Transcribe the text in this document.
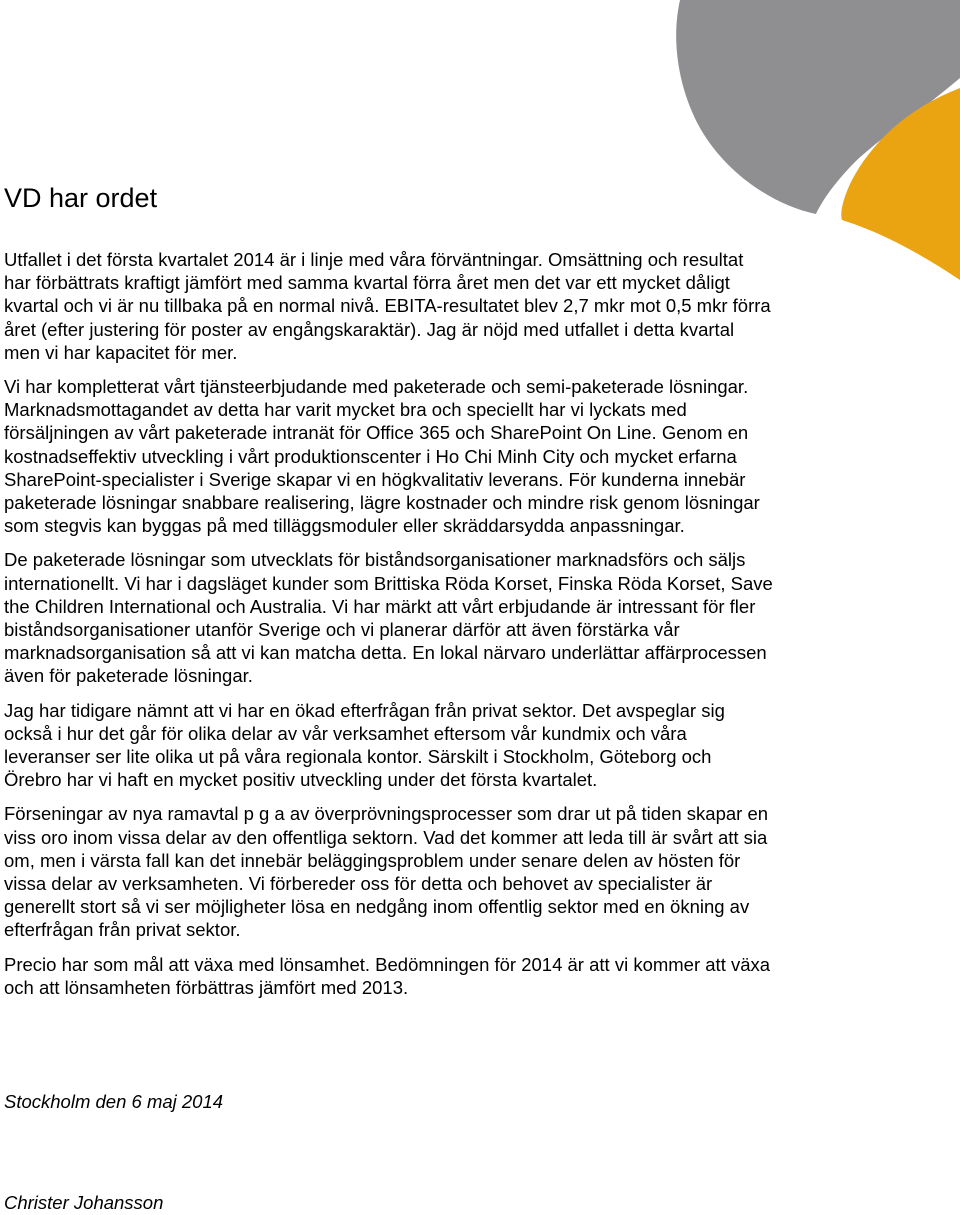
VD har ordet

Utfallet i det första kvartalet 2014 är i linje med våra förväntningar. Omsättning och resultat har förbättrats kraftigt jämfört med samma kvartal förra året men det var ett mycket dåligt kvartal och vi är nu tillbaka på en normal nivå. EBITA-resultatet blev 2,7 mkr mot 0,5 mkr förra året (efter justering för poster av engångskaraktär). Jag är nöjd med utfallet i detta kvartal men vi har kapacitet för mer.

Vi har kompletterat vårt tjänsteerbjudande med paketerade och semi-paketerade lösningar. Marknadsmottagandet av detta har varit mycket bra och speciellt har vi lyckats med försäljningen av vårt paketerade intranät för Office 365 och SharePoint On Line. Genom en kostnadseffektiv utveckling i vårt produktionscenter i Ho Chi Minh City och mycket erfarna SharePoint-specialister i Sverige skapar vi en högkvalitativ leverans. För kunderna innebär paketerade lösningar snabbare realisering, lägre kostnader och mindre risk genom lösningar som stegvis kan byggas på med tilläggsmoduler eller skräddarsydda anpassningar.

De paketerade lösningar som utvecklats för biståndsorganisationer marknadsförs och säljs internationellt. Vi har i dagsläget kunder som Brittiska Röda Korset, Finska Röda Korset, Save the Children International och Australia. Vi har märkt att vårt erbjudande är intressant för fler biståndsorganisationer utanför Sverige och vi planerar därför att även förstärka vår marknadsorganisation så att vi kan matcha detta. En lokal närvaro underlättar affärprocessen även för paketerade lösningar.

Jag har tidigare nämnt att vi har en ökad efterfrågan från privat sektor. Det avspeglar sig också i hur det går för olika delar av vår verksamhet eftersom vår kundmix och våra leveranser ser lite olika ut på våra regionala kontor. Särskilt i Stockholm, Göteborg och Örebro har vi haft en mycket positiv utveckling under det första kvartalet.

Förseningar av nya ramavtal p g a av överprövningsprocesser som drar ut på tiden skapar en viss oro inom vissa delar av den offentliga sektorn. Vad det kommer att leda till är svårt att sia om, men i värsta fall kan det innebär beläggingsproblem under senare delen av hösten för vissa delar av verksamheten. Vi förbereder oss för detta och behovet av specialister är generellt stort så vi ser möjligheter lösa en nedgång inom offentlig sektor med en ökning av efterfrågan från privat sektor.

Precio har som mål att växa med lönsamhet. Bedömningen för 2014 är att vi kommer att växa och att lönsamheten förbättras jämfört med 2013.

Stockholm den 6 maj 2014

Christer Johansson
